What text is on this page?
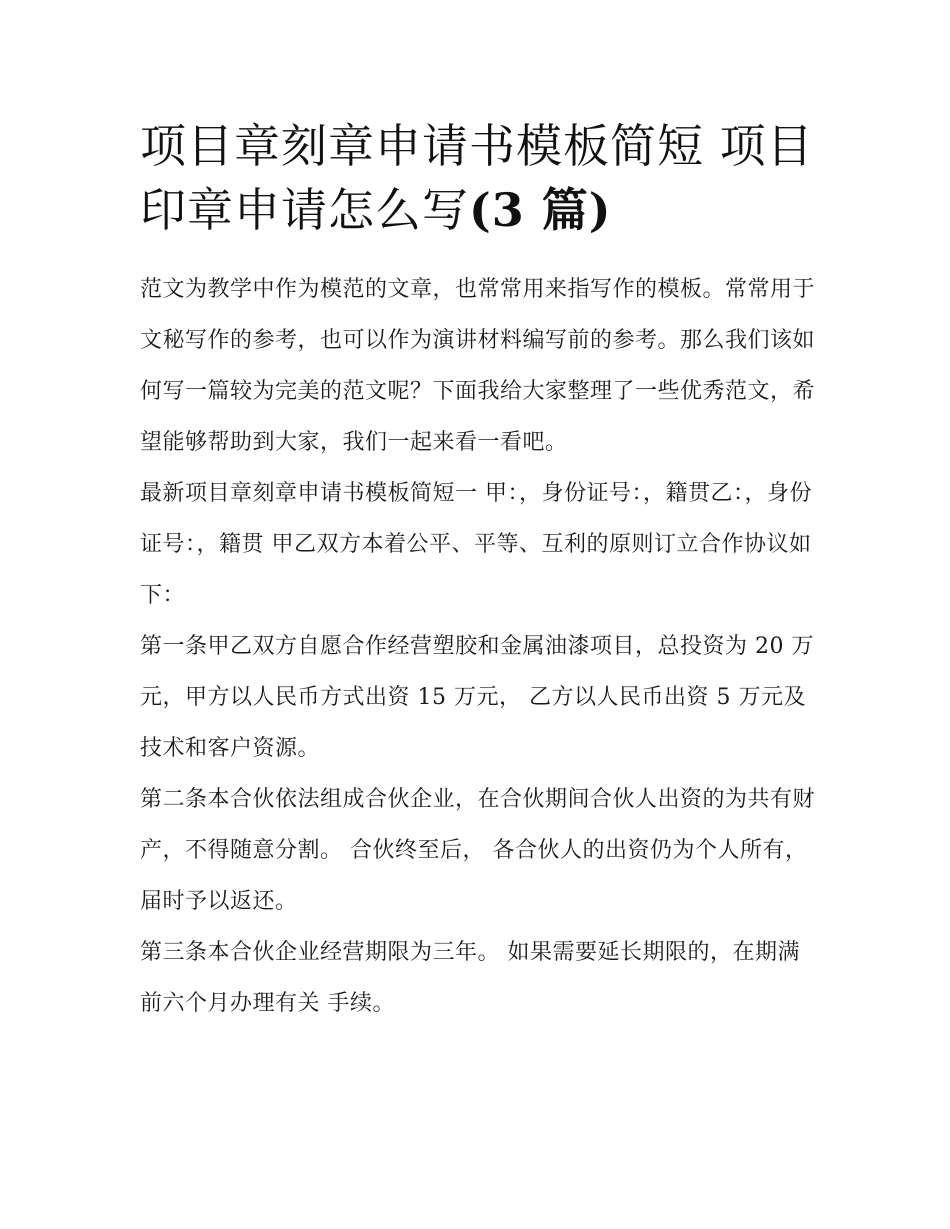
项目章刻章申请书模板简短 项目印章申请怎么写(3 篇)

范文为教学中作为模范的文章，也常常用来指写作的模板。常常用于文秘写作的参考，也可以作为演讲材料编写前的参考。那么我们该如何写一篇较为完美的范文呢？下面我给大家整理了一些优秀范文，希望能够帮助到大家，我们一起来看一看吧。

最新项目章刻章申请书模板简短一 甲：，身份证号：，籍贯乙：，身份证号：，籍贯 甲乙双方本着公平、平等、互利的原则订立合作协议如下：

第一条甲乙双方自愿合作经营塑胶和金属油漆项目，总投资为 20 万元，甲方以人民币方式出资 15 万元， 乙方以人民币出资 5 万元及技术和客户资源。

第二条本合伙依法组成合伙企业，在合伙期间合伙人出资的为共有财产，不得随意分割。 合伙终至后， 各合伙人的出资仍为个人所有，届时予以返还。

第三条本合伙企业经营期限为三年。 如果需要延长期限的，在期满前六个月办理有关 手续。
